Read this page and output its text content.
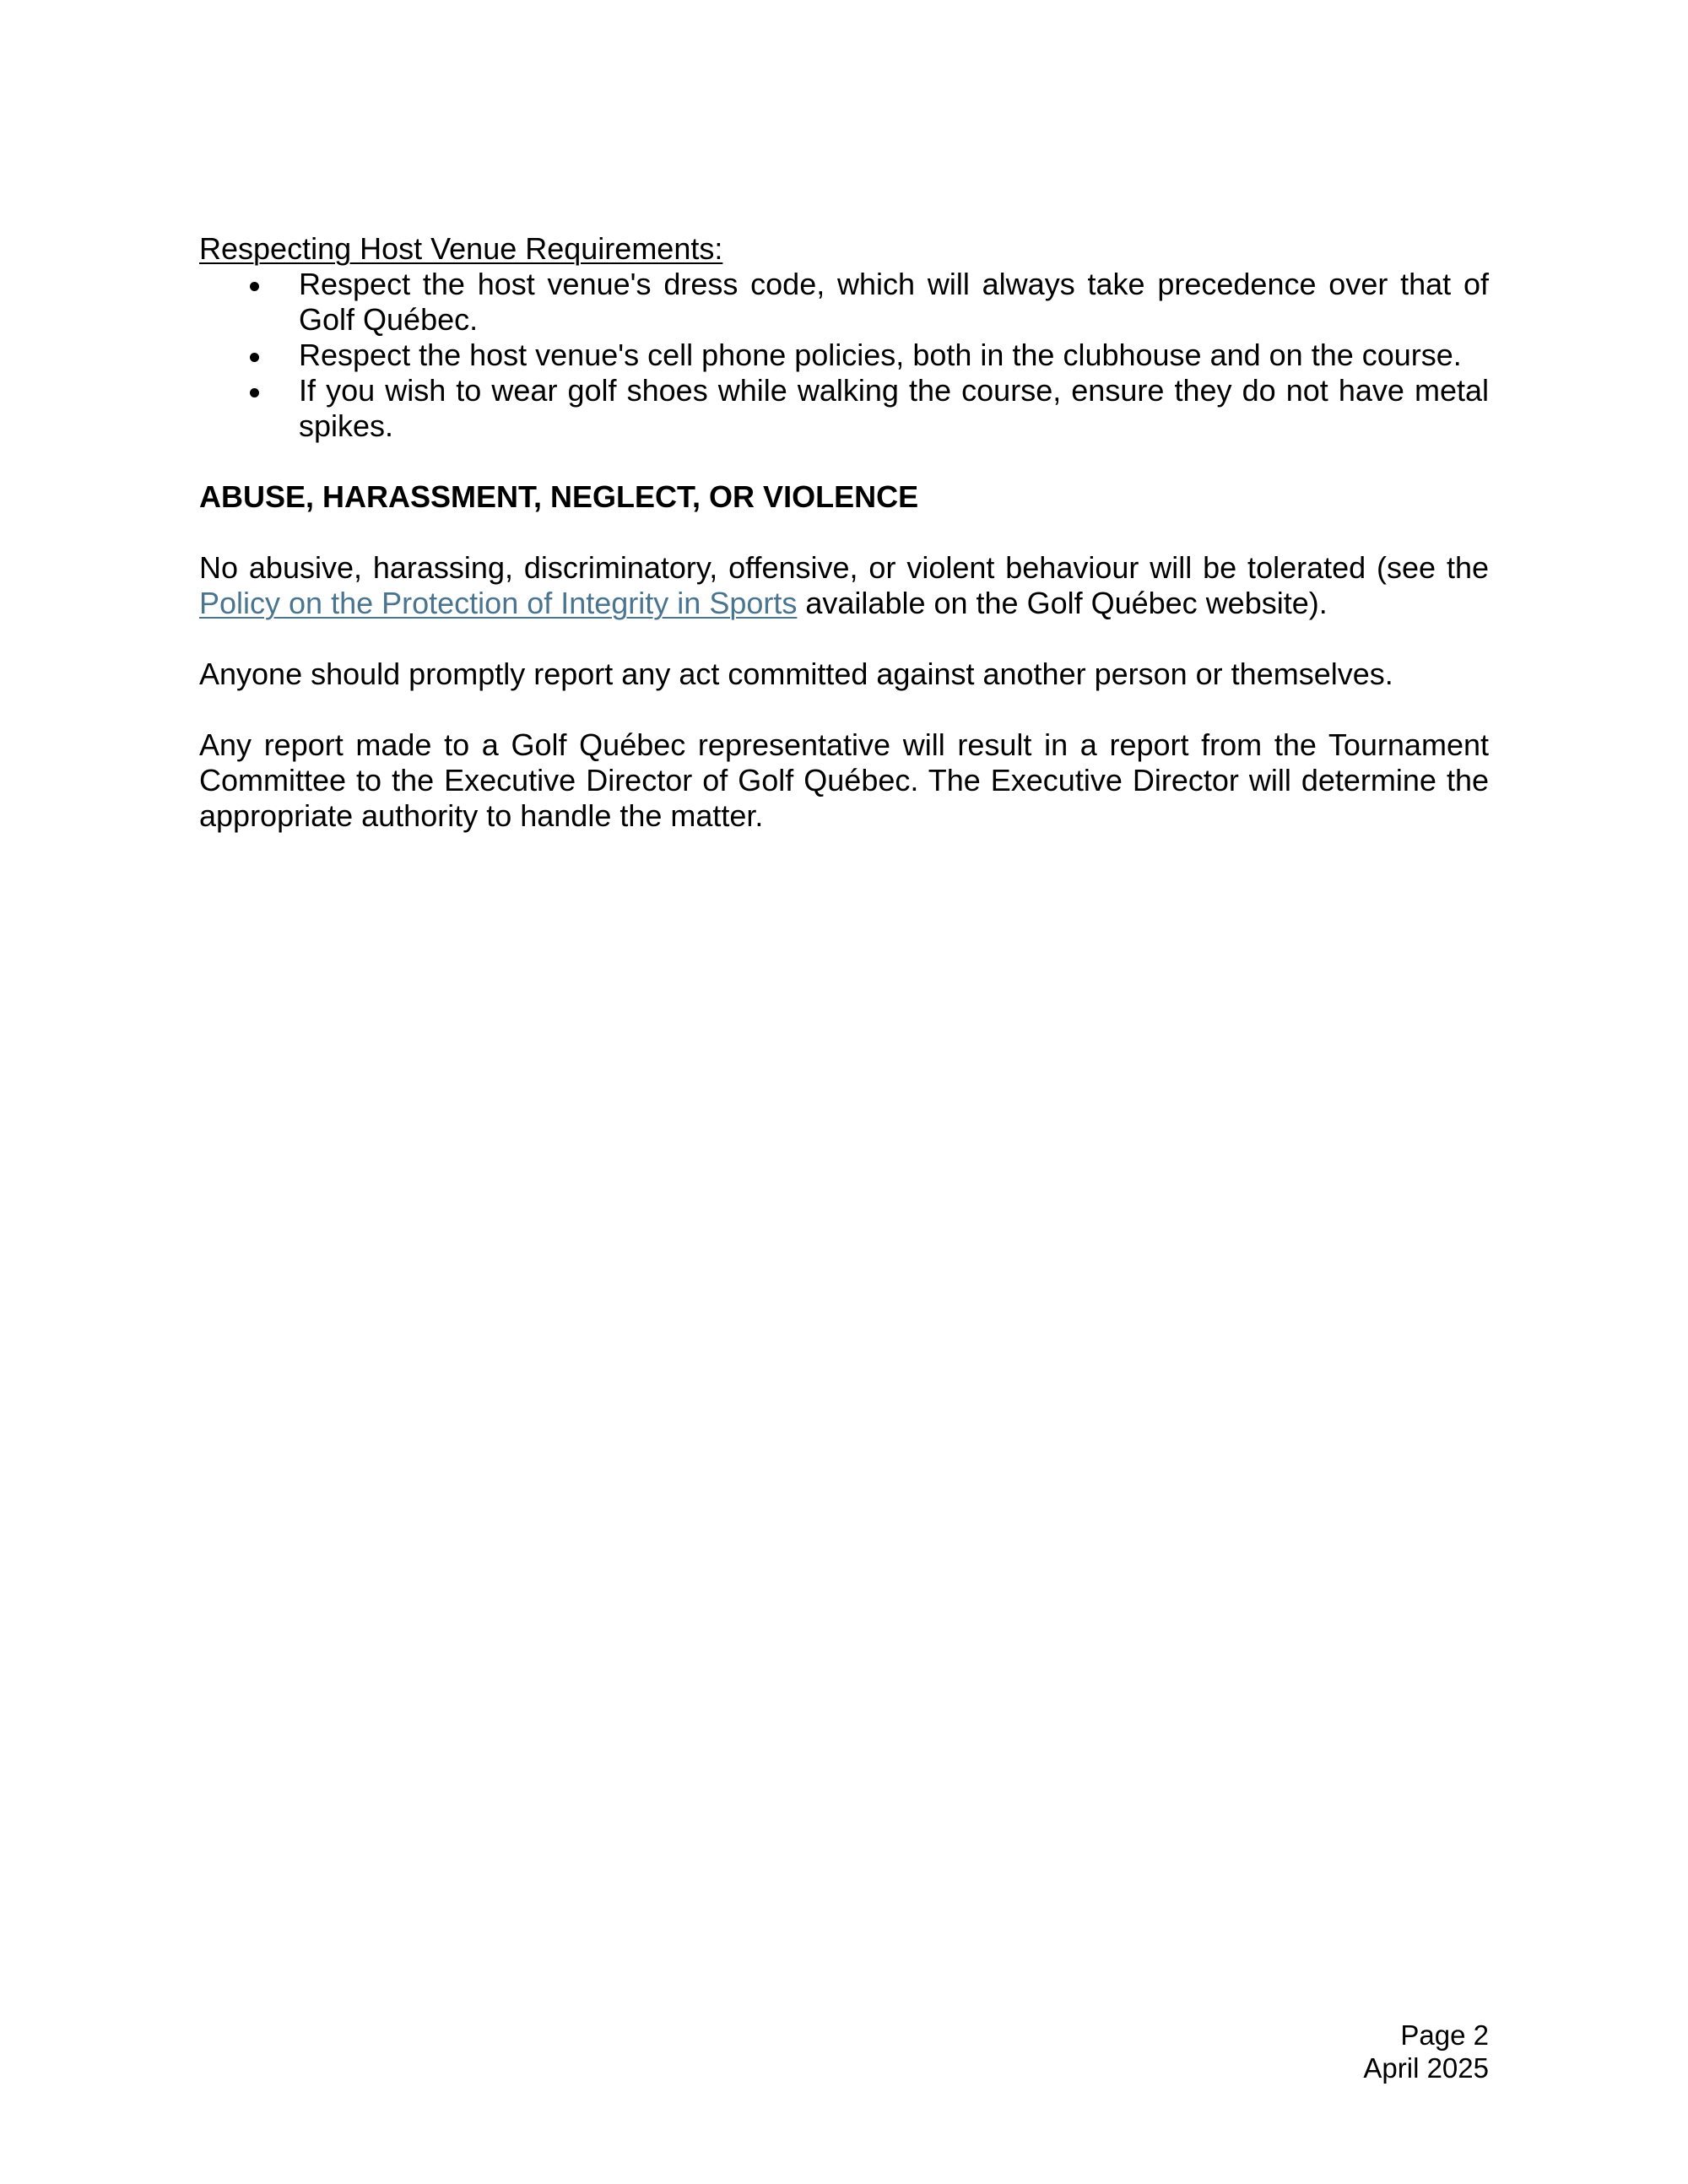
Respecting Host Venue Requirements:

Respect the host venue's dress code, which will always take precedence over that of Golf Québec.
Respect the host venue's cell phone policies, both in the clubhouse and on the course.
If you wish to wear golf shoes while walking the course, ensure they do not have metal spikes.

ABUSE, HARASSMENT, NEGLECT, OR VIOLENCE

No abusive, harassing, discriminatory, offensive, or violent behaviour will be tolerated (see the Policy on the Protection of Integrity in Sports available on the Golf Québec website).

Anyone should promptly report any act committed against another person or themselves.

Any report made to a Golf Québec representative will result in a report from the Tournament Committee to the Executive Director of Golf Québec. The Executive Director will determine the appropriate authority to handle the matter.

Page 2
April 2025
